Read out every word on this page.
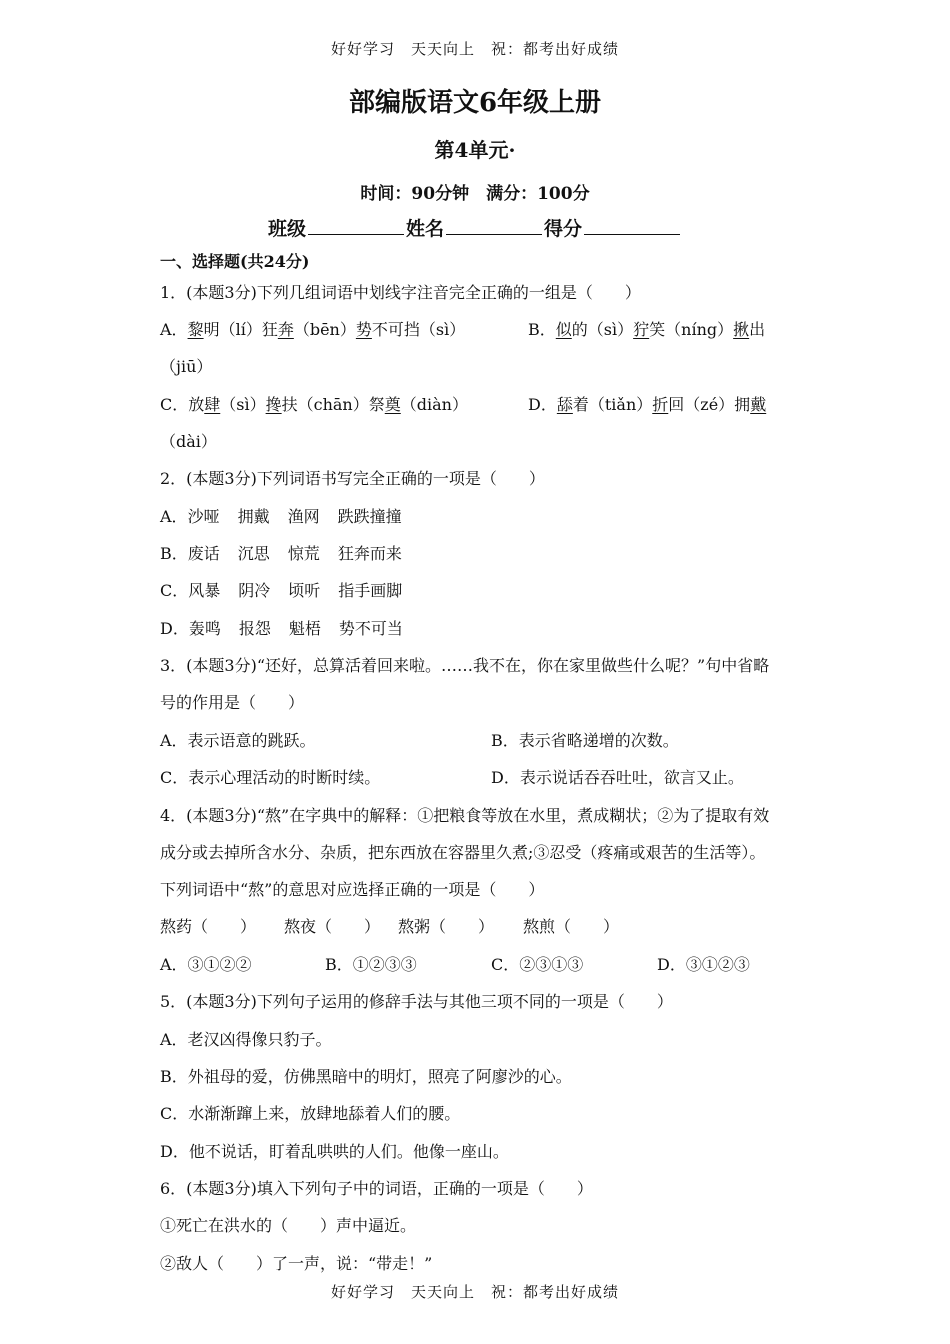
好好学习　天天向上　祝：都考出好成绩
部编版语文6年级上册
第4单元·
时间：90分钟　满分：100分
班级	姓名	得分
一、选择题(共24分)
1．(本题3分)下列几组词语中划线字注音完全正确的一组是（　　）
A．黎明（lí）狂奔（bēn）势不可挡（sì）	B．似的（sì）狞笑（níng）揪出
（jiū）
C．放肆（sì）搀扶（chān）祭奠（diàn）	D．舔着（tiǎn）折回（zé）拥戴
（dài）
2．(本题3分)下列词语书写完全正确的一项是（　　）
A．沙哑 拥戴 渔网 跌跌撞撞
B．废话 沉思 惊荒 狂奔而来
C．风暴 阴冷 顷听 指手画脚
D．轰鸣 报怨 魁梧 势不可当
3．(本题3分)“还好，总算活着回来啦。……我不在，你在家里做些什么呢？”句中省略
号的作用是（　　）
A．表示语意的跳跃。	B．表示省略递增的次数。
C．表示心理活动的时断时续。	D．表示说话吞吞吐吐，欲言又止。
4．(本题3分)“熬”在字典中的解释：①把粮食等放在水里，煮成糊状；②为了提取有效
成分或去掉所含水分、杂质，把东西放在容器里久煮;③忍受（疼痛或艰苦的生活等）。
下列词语中“熬”的意思对应选择正确的一项是（　　）
熬药（　　） 熬夜（　　） 熬粥（　　） 熬煎（　　）
A．③①②②	B．①②③③	C．②③①③	D．③①②③
5．(本题3分)下列句子运用的修辞手法与其他三项不同的一项是（　　）
A．老汉凶得像只豹子。
B．外祖母的爱，仿佛黑暗中的明灯，照亮了阿廖沙的心。
C．水渐渐蹿上来，放肆地舔着人们的腰。
D．他不说话，盯着乱哄哄的人们。他像一座山。
6．(本题3分)填入下列句子中的词语，正确的一项是（　　）
①死亡在洪水的（　　）声中逼近。
②敌人（　　）了一声，说：“带走！”
好好学习　天天向上　祝：都考出好成绩
